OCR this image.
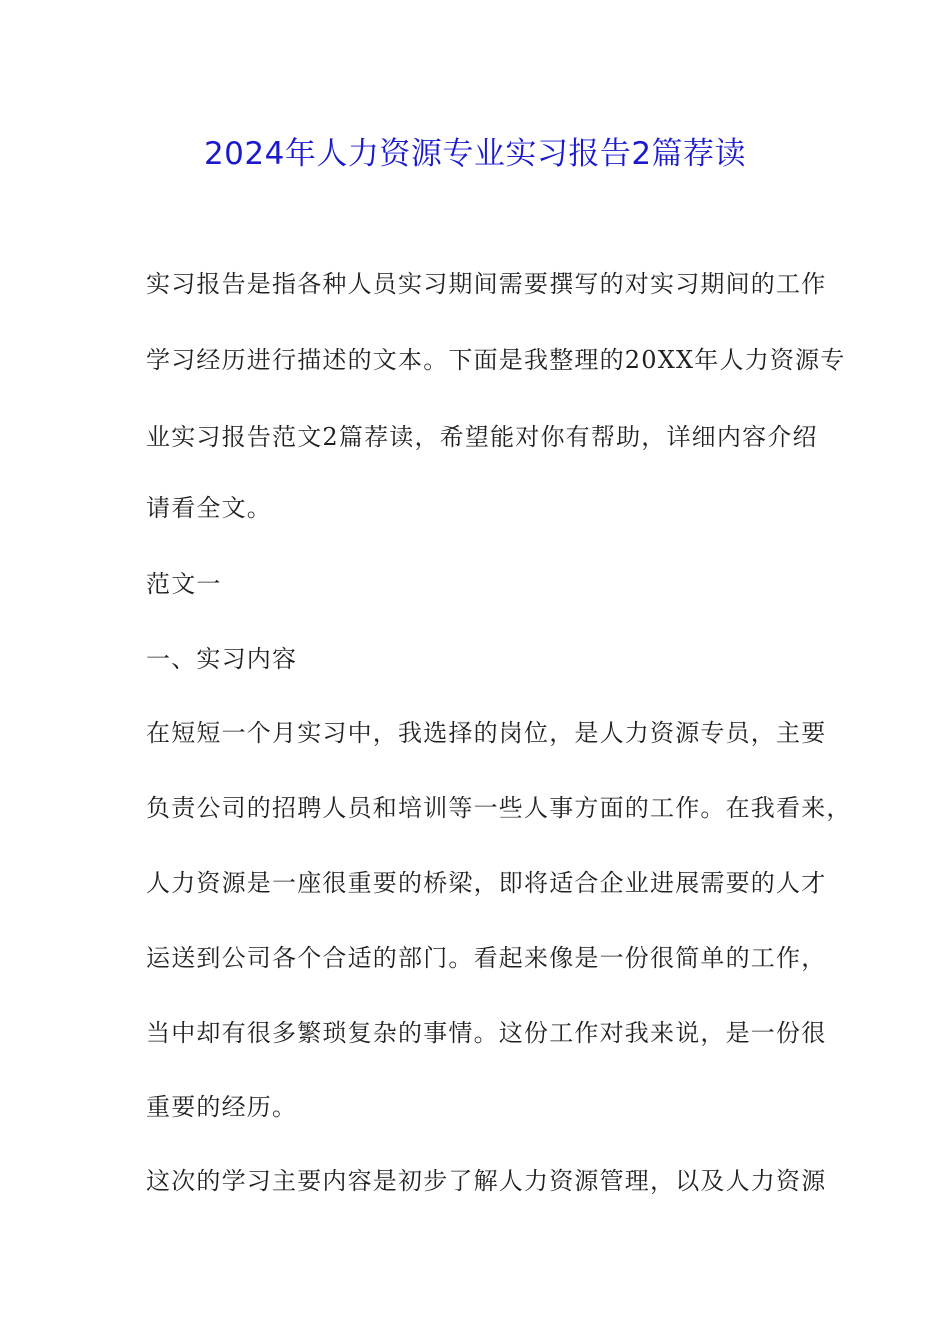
2024年人力资源专业实习报告2篇荐读
实习报告是指各种人员实习期间需要撰写的对实习期间的工作
学习经历进行描述的文本。下面是我整理的20XX年人力资源专
业实习报告范文2篇荐读，希望能对你有帮助，详细内容介绍
请看全文。
范文一
一、实习内容
在短短一个月实习中，我选择的岗位，是人力资源专员，主要
负责公司的招聘人员和培训等一些人事方面的工作。在我看来，
人力资源是一座很重要的桥梁，即将适合企业进展需要的人才
运送到公司各个合适的部门。看起来像是一份很简单的工作，
当中却有很多繁琐复杂的事情。这份工作对我来说，是一份很
重要的经历。
这次的学习主要内容是初步了解人力资源管理，以及人力资源
